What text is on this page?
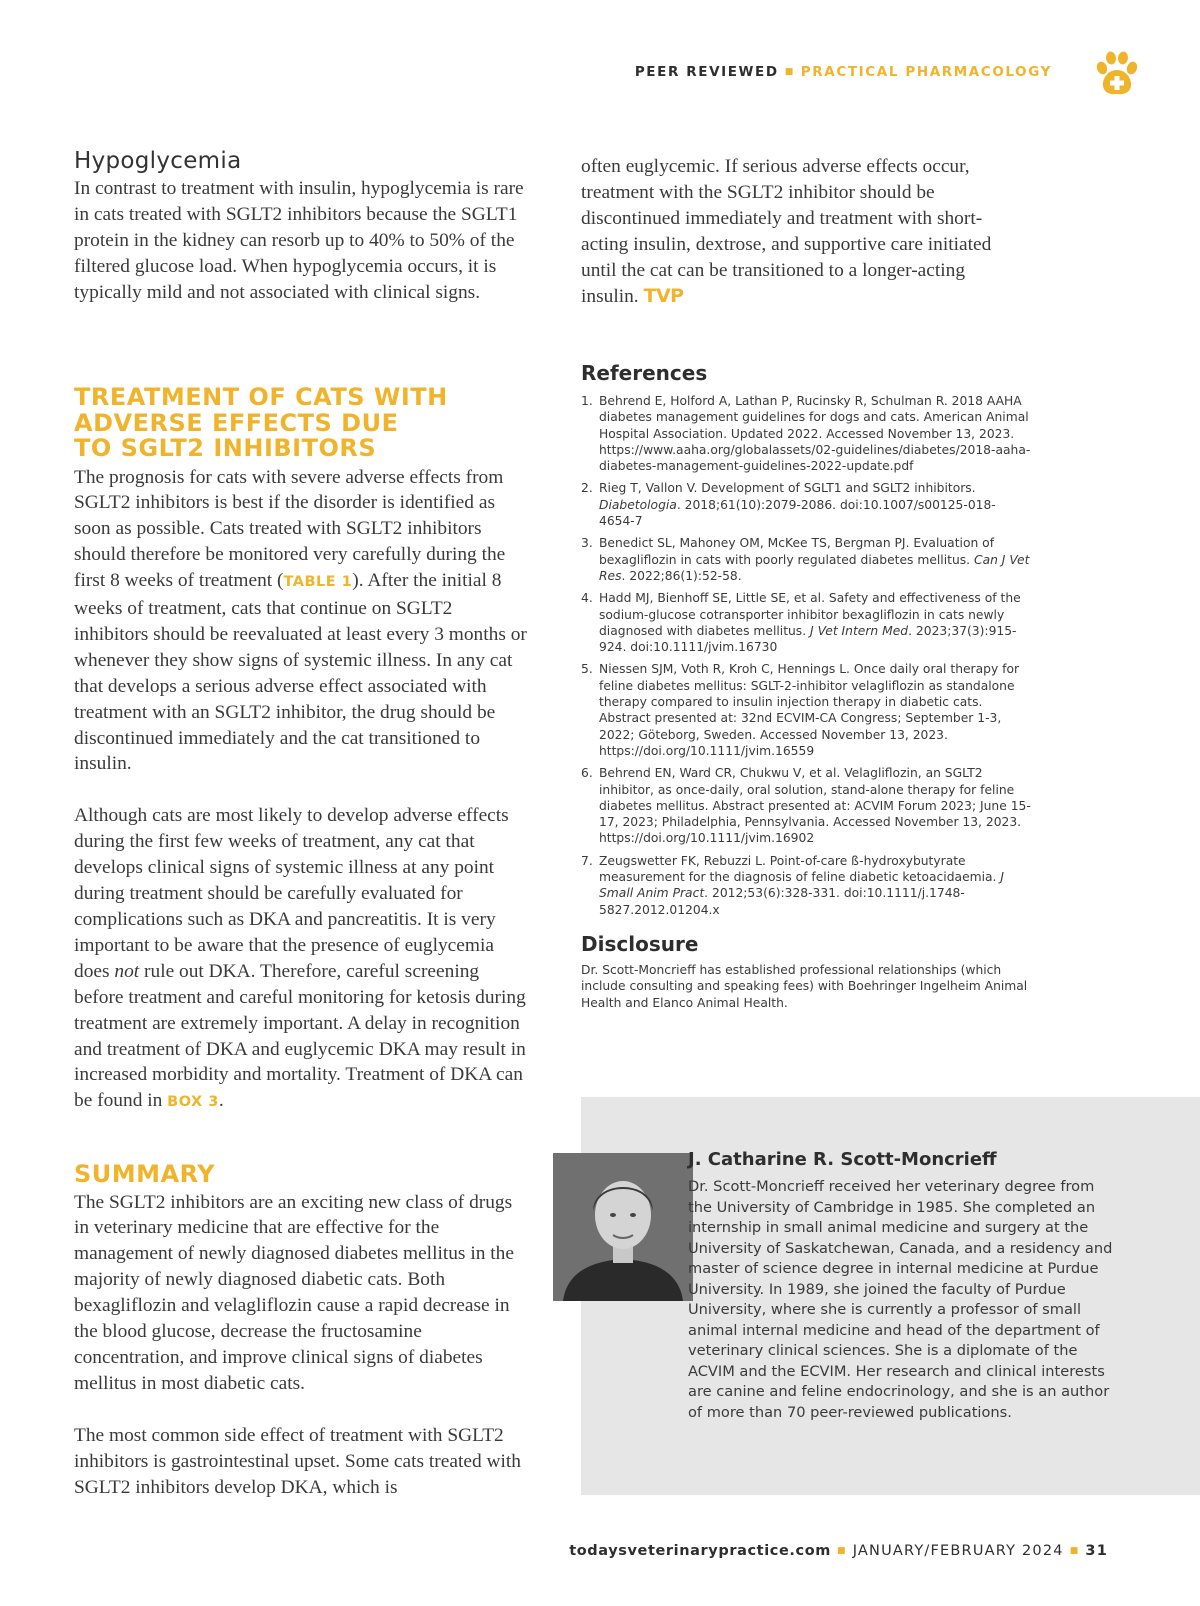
PEER REVIEWED ■ PRACTICAL PHARMACOLOGY
Hypoglycemia

In contrast to treatment with insulin, hypoglycemia is rare in cats treated with SGLT2 inhibitors because the SGLT1 protein in the kidney can resorb up to 40% to 50% of the filtered glucose load. When hypoglycemia occurs, it is typically mild and not associated with clinical signs.

TREATMENT OF CATS WITH
ADVERSE EFFECTS DUE
TO SGLT2 INHIBITORS

The prognosis for cats with severe adverse effects from SGLT2 inhibitors is best if the disorder is identified as soon as possible. Cats treated with SGLT2 inhibitors should therefore be monitored very carefully during the first 8 weeks of treatment (TABLE 1). After the initial 8 weeks of treatment, cats that continue on SGLT2 inhibitors should be reevaluated at least every 3 months or whenever they show signs of systemic illness. In any cat that develops a serious adverse effect associated with treatment with an SGLT2 inhibitor, the drug should be discontinued immediately and the cat transitioned to insulin.

Although cats are most likely to develop adverse effects during the first few weeks of treatment, any cat that develops clinical signs of systemic illness at any point during treatment should be carefully evaluated for complications such as DKA and pancreatitis. It is very important to be aware that the presence of euglycemia does not rule out DKA. Therefore, careful screening before treatment and careful monitoring for ketosis during treatment are extremely important. A delay in recognition and treatment of DKA and euglycemic DKA may result in increased morbidity and mortality. Treatment of DKA can be found in BOX 3.

SUMMARY

The SGLT2 inhibitors are an exciting new class of drugs in veterinary medicine that are effective for the management of newly diagnosed diabetes mellitus in the majority of newly diagnosed diabetic cats. Both bexagliflozin and velagliflozin cause a rapid decrease in the blood glucose, decrease the fructosamine concentration, and improve clinical signs of diabetes mellitus in most diabetic cats.

The most common side effect of treatment with SGLT2 inhibitors is gastrointestinal upset. Some cats treated with SGLT2 inhibitors develop DKA, which is

often euglycemic. If serious adverse effects occur, treatment with the SGLT2 inhibitor should be discontinued immediately and treatment with short-acting insulin, dextrose, and supportive care initiated until the cat can be transitioned to a longer-acting insulin. TVP

References
1. Behrend E, Holford A, Lathan P, Rucinsky R, Schulman R. 2018 AAHA diabetes management guidelines for dogs and cats. American Animal Hospital Association. Updated 2022. Accessed November 13, 2023. https://www.aaha.org/globalassets/02-guidelines/diabetes/2018-aaha-diabetes-management-guidelines-2022-update.pdf
2. Rieg T, Vallon V. Development of SGLT1 and SGLT2 inhibitors. Diabetologia. 2018;61(10):2079-2086. doi:10.1007/s00125-018-4654-7
3. Benedict SL, Mahoney OM, McKee TS, Bergman PJ. Evaluation of bexagliflozin in cats with poorly regulated diabetes mellitus. Can J Vet Res. 2022;86(1):52-58.
4. Hadd MJ, Bienhoff SE, Little SE, et al. Safety and effectiveness of the sodium-glucose cotransporter inhibitor bexagliflozin in cats newly diagnosed with diabetes mellitus. J Vet Intern Med. 2023;37(3):915-924. doi:10.1111/jvim.16730
5. Niessen SJM, Voth R, Kroh C, Hennings L. Once daily oral therapy for feline diabetes mellitus: SGLT-2-inhibitor velagliflozin as standalone therapy compared to insulin injection therapy in diabetic cats. Abstract presented at: 32nd ECVIM-CA Congress; September 1-3, 2022; Göteborg, Sweden. Accessed November 13, 2023. https://doi.org/10.1111/jvim.16559
6. Behrend EN, Ward CR, Chukwu V, et al. Velagliflozin, an SGLT2 inhibitor, as once-daily, oral solution, stand-alone therapy for feline diabetes mellitus. Abstract presented at: ACVIM Forum 2023; June 15-17, 2023; Philadelphia, Pennsylvania. Accessed November 13, 2023. https://doi.org/10.1111/jvim.16902
7. Zeugswetter FK, Rebuzzi L. Point-of-care ß-hydroxybutyrate measurement for the diagnosis of feline diabetic ketoacidaemia. J Small Anim Pract. 2012;53(6):328-331. doi:10.1111/j.1748-5827.2012.01204.x
Disclosure

Dr. Scott-Moncrieff has established professional relationships (which include consulting and speaking fees) with Boehringer Ingelheim Animal Health and Elanco Animal Health.

J. Catharine R. Scott-Moncrieff

Dr. Scott-Moncrieff received her veterinary degree from the University of Cambridge in 1985. She completed an internship in small animal medicine and surgery at the University of Saskatchewan, Canada, and a residency and master of science degree in internal medicine at Purdue University. In 1989, she joined the faculty of Purdue University, where she is currently a professor of small animal internal medicine and head of the department of veterinary clinical sciences. She is a diplomate of the ACVIM and the ECVIM. Her research and clinical interests are canine and feline endocrinology, and she is an author of more than 70 peer-reviewed publications.

todaysveterinarypractice.com ■ JANUARY/FEBRUARY 2024 ■ 31
